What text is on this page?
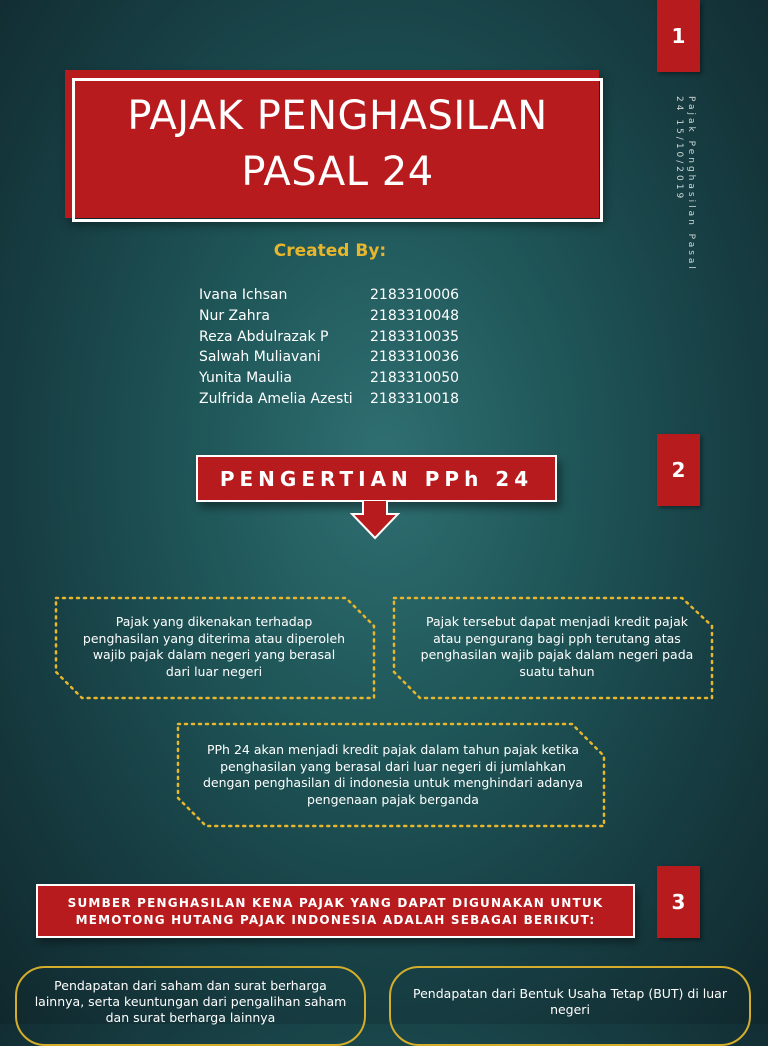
1
2
3
PAJAK PENGHASILAN
PASAL 24	Pajak Penghasilan Pasal 24 15/10/2019
Created By:
Ivana Ichsan	2183310006
Nur Zahra	2183310048
Reza Abdulrazak P	2183310035
Salwah Muliavani	2183310036
Yunita Maulia	2183310050
Zulfrida Amelia Azesti	2183310018
PENGERTIAN PPh 24
Pajak yang dikenakan terhadap penghasilan yang diterima atau diperoleh wajib pajak dalam negeri yang berasal dari luar negeri
Pajak tersebut dapat menjadi kredit pajak atau pengurang bagi pph terutang atas penghasilan wajib pajak dalam negeri pada suatu tahun
PPh 24 akan menjadi kredit pajak dalam tahun pajak ketika penghasilan yang berasal dari luar negeri di jumlahkan dengan penghasilan di indonesia untuk menghindari adanya pengenaan pajak berganda
SUMBER PENGHASILAN KENA PAJAK YANG DAPAT DIGUNAKAN UNTUK MEMOTONG HUTANG PAJAK INDONESIA ADALAH SEBAGAI BERIKUT:
Pendapatan dari saham dan surat berharga lainnya, serta keuntungan dari pengalihan saham dan surat berharga lainnya
Pendapatan dari Bentuk Usaha Tetap (BUT) di luar negeri
